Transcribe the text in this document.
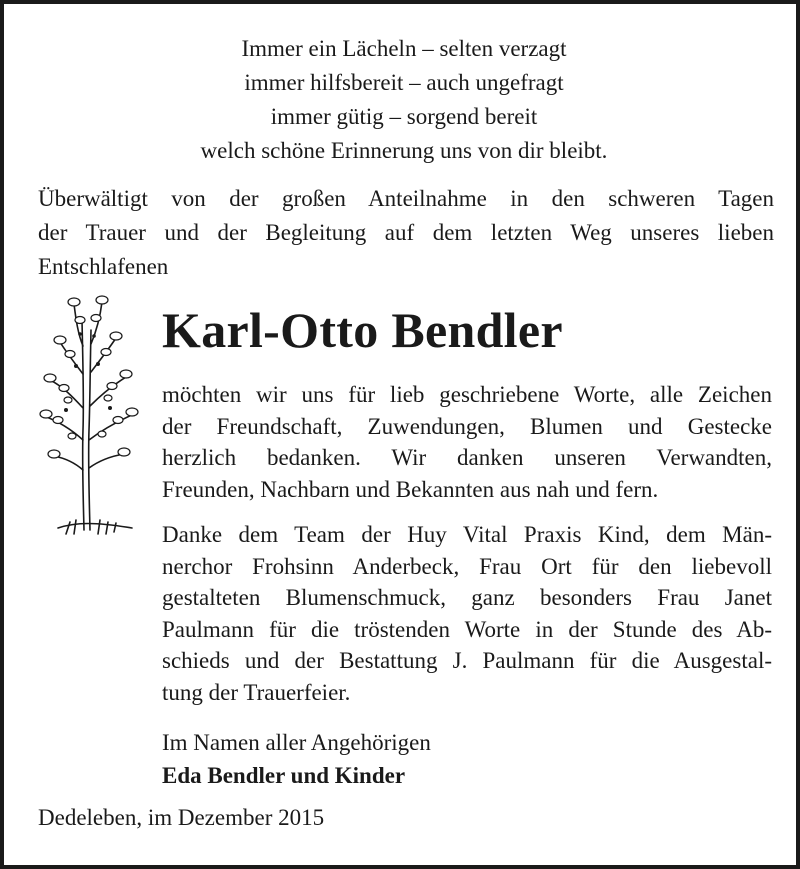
Immer ein Lächeln – selten verzagt
immer hilfsbereit – auch ungefragt
immer gütig – sorgend bereit
welch schöne Erinnerung uns von dir bleibt.
Überwältigt von der großen Anteilnahme in den schweren Tagen
der Trauer und der Begleitung auf dem letzten Weg unseres lieben
Entschlafenen
Karl-Otto Bendler
möchten wir uns für lieb geschriebene Worte, alle Zeichen
der Freundschaft, Zuwendungen, Blumen und Gestecke
herzlich bedanken. Wir danken unseren Verwandten,
Freunden, Nachbarn und Bekannten aus nah und fern.
Danke dem Team der Huy Vital Praxis Kind, dem Män-
nerchor Frohsinn Anderbeck, Frau Ort für den liebevoll
gestalteten Blumenschmuck, ganz besonders Frau Janet
Paulmann für die tröstenden Worte in der Stunde des Ab-
schieds und der Bestattung J. Paulmann für die Ausgestal-
tung der Trauerfeier.
Im Namen aller Angehörigen
Eda Bendler und Kinder
Dedeleben, im Dezember 2015
